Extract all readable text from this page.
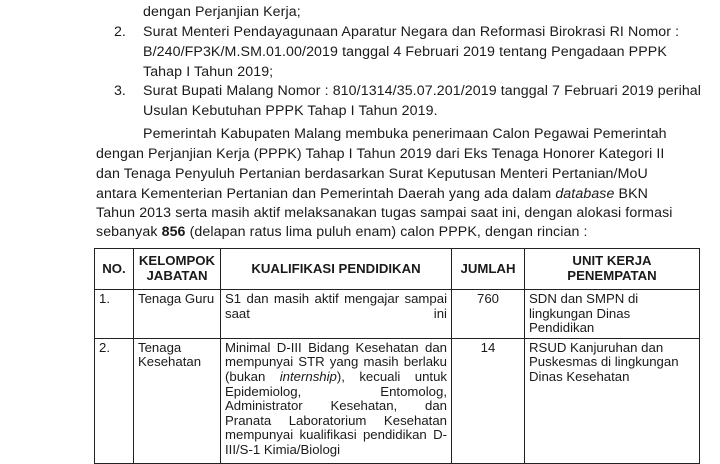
dengan Perjanjian Kerja;
2. Surat Menteri Pendayagunaan Aparatur Negara dan Reformasi Birokrasi RI Nomor :
B/240/FP3K/M.SM.01.00/2019 tanggal 4 Februari 2019 tentang Pengadaan PPPK
Tahap I Tahun 2019;
3. Surat Bupati Malang Nomor : 810/1314/35.07.201/2019 tanggal 7 Februari 2019 perihal
Usulan Kebutuhan PPPK Tahap I Tahun 2019.
Pemerintah Kabupaten Malang membuka penerimaan Calon Pegawai Pemerintah
dengan Perjanjian Kerja (PPPK) Tahap I Tahun 2019 dari Eks Tenaga Honorer Kategori II
dan Tenaga Penyuluh Pertanian berdasarkan Surat Keputusan Menteri Pertanian/MoU
antara Kementerian Pertanian dan Pemerintah Daerah yang ada dalam database BKN
Tahun 2013 serta masih aktif melaksanakan tugas sampai saat ini, dengan alokasi formasi
sebanyak 856 (delapan ratus lima puluh enam) calon PPPK, dengan rincian :
NO.	KELOMPOK JABATAN	KUALIFIKASI PENDIDIKAN	JUMLAH	UNIT KERJA PENEMPATAN
1.	Tenaga Guru	S1 dan masih aktif mengajar sampai saat ini	760	SDN dan SMPN di lingkungan Dinas Pendidikan
2.	Tenaga Kesehatan	Minimal D-III Bidang Kesehatan dan mempunyai STR yang masih berlaku (bukan internship), kecuali untuk Epidemiolog, Entomolog, Administrator Kesehatan, dan Pranata Laboratorium Kesehatan mempunyai kualifikasi pendidikan D-III/S-1 Kimia/Biologi	14	RSUD Kanjuruhan dan Puskesmas di lingkungan Dinas Kesehatan
